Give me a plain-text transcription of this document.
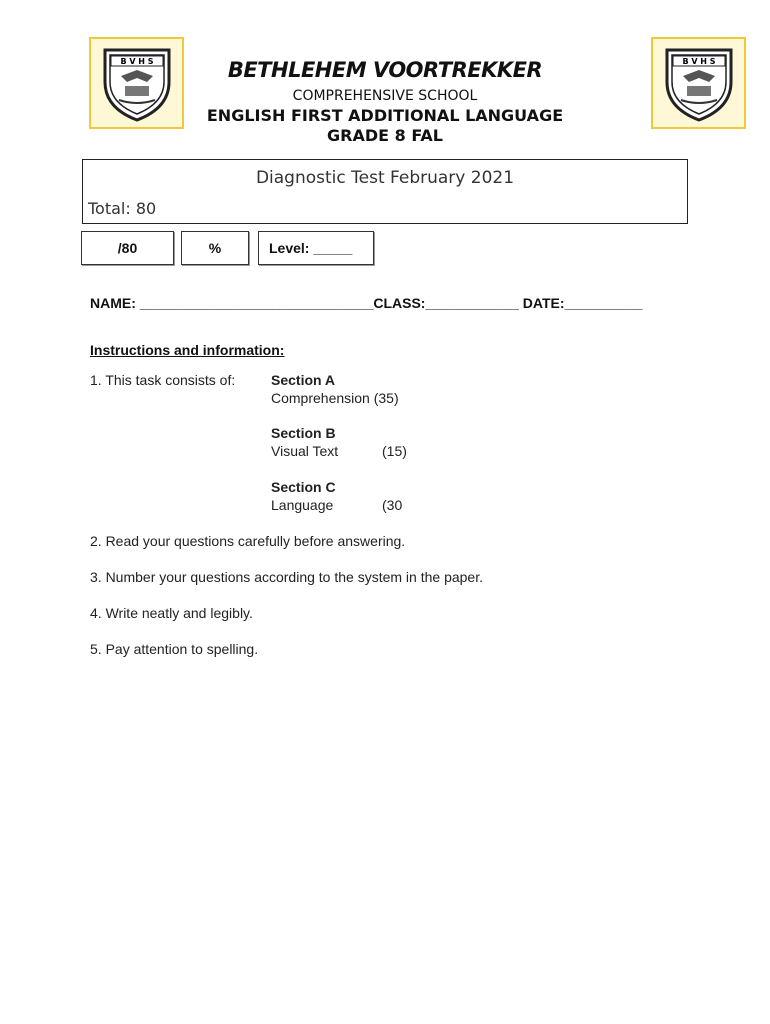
B V H S	B V H S
BETHLEHEM VOORTREKKER
COMPREHENSIVE SCHOOL
ENGLISH FIRST ADDITIONAL LANGUAGE
GRADE 8 FAL
Diagnostic Test February 2021
Total: 80
/80	%	Level: _____
NAME: ______________________________CLASS:____________ DATE:__________
Instructions and information:
1. This task consists of:	Section A
Comprehension (35)
Section B
Visual Text	(15)
Section C
Language	(30
2. Read your questions carefully before answering.
3. Number your questions according to the system in the paper.
4. Write neatly and legibly.
5. Pay attention to spelling.
